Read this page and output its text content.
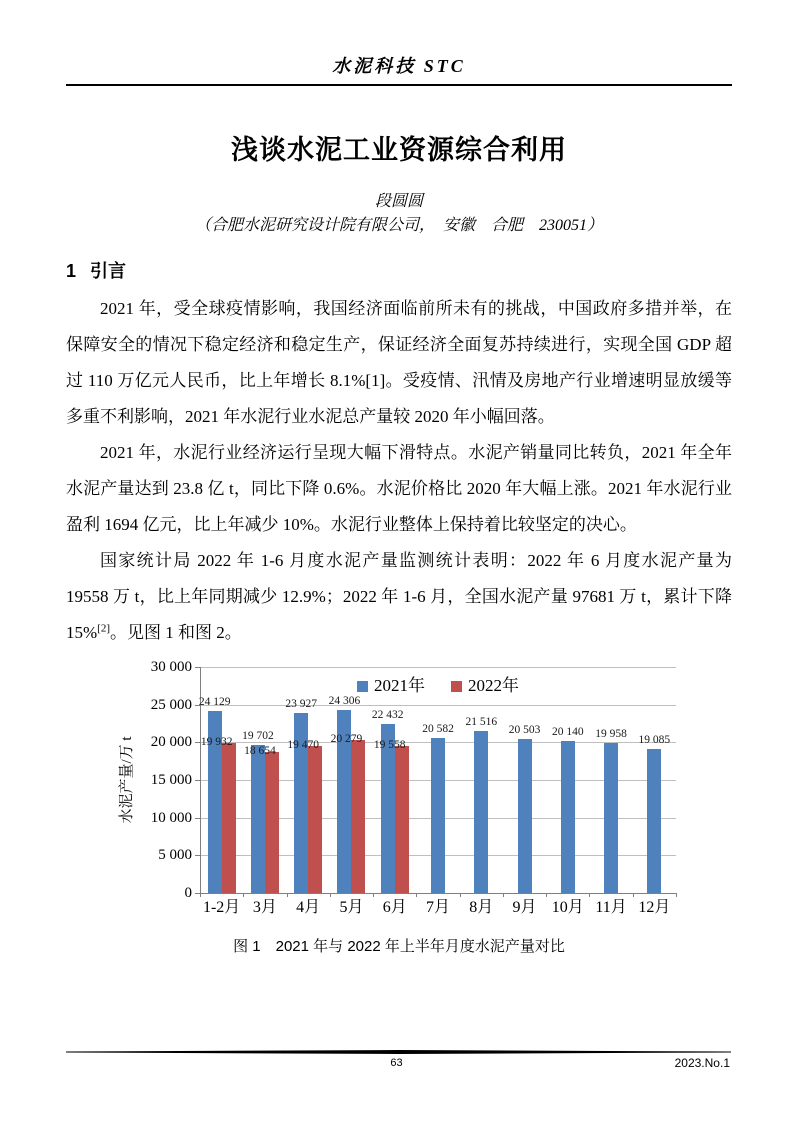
水泥科技 STC
浅谈水泥工业资源综合利用
段圆圆
（合肥水泥研究设计院有限公司，　安徽　合肥　230051）
1 引言

2021 年，受全球疫情影响，我国经济面临前所未有的挑战，中国政府多措并举，在保障安全的情况下稳定经济和稳定生产，保证经济全面复苏持续进行，实现全国 GDP 超过 110 万亿元人民币，比上年增长 8.1%[1]。受疫情、汛情及房地产行业增速明显放缓等多重不利影响，2021 年水泥行业水泥总产量较 2020 年小幅回落。

2021 年，水泥行业经济运行呈现大幅下滑特点。水泥产销量同比转负，2021 年全年水泥产量达到 23.8 亿 t，同比下降 0.6%。水泥价格比 2020 年大幅上涨。2021 年水泥行业盈利 1694 亿元，比上年减少 10%。水泥行业整体上保持着比较坚定的决心。

国家统计局 2022 年 1-6 月度水泥产量监测统计表明：2022 年 6 月度水泥产量为 19558 万 t，比上年同期减少 12.9%；2022 年 1-6 月，全国水泥产量 97681 万 t，累计下降 15%[2]。见图 1 和图 2。

0
5 000
10 000
15 000
20 000
25 000
30 000
水泥产量/万 t
24 129
19 932
1-2月
19 702
18 654
3月
23 927
19 470
4月
24 306
20 279
5月
22 432
19 558
6月
20 582
7月
21 516
8月
20 503
9月
20 140
10月
19 958
11月
19 085
12月
2021年	2022年
图 1　2021 年与 2022 年上半年月度水泥产量对比
63	2023.No.1
